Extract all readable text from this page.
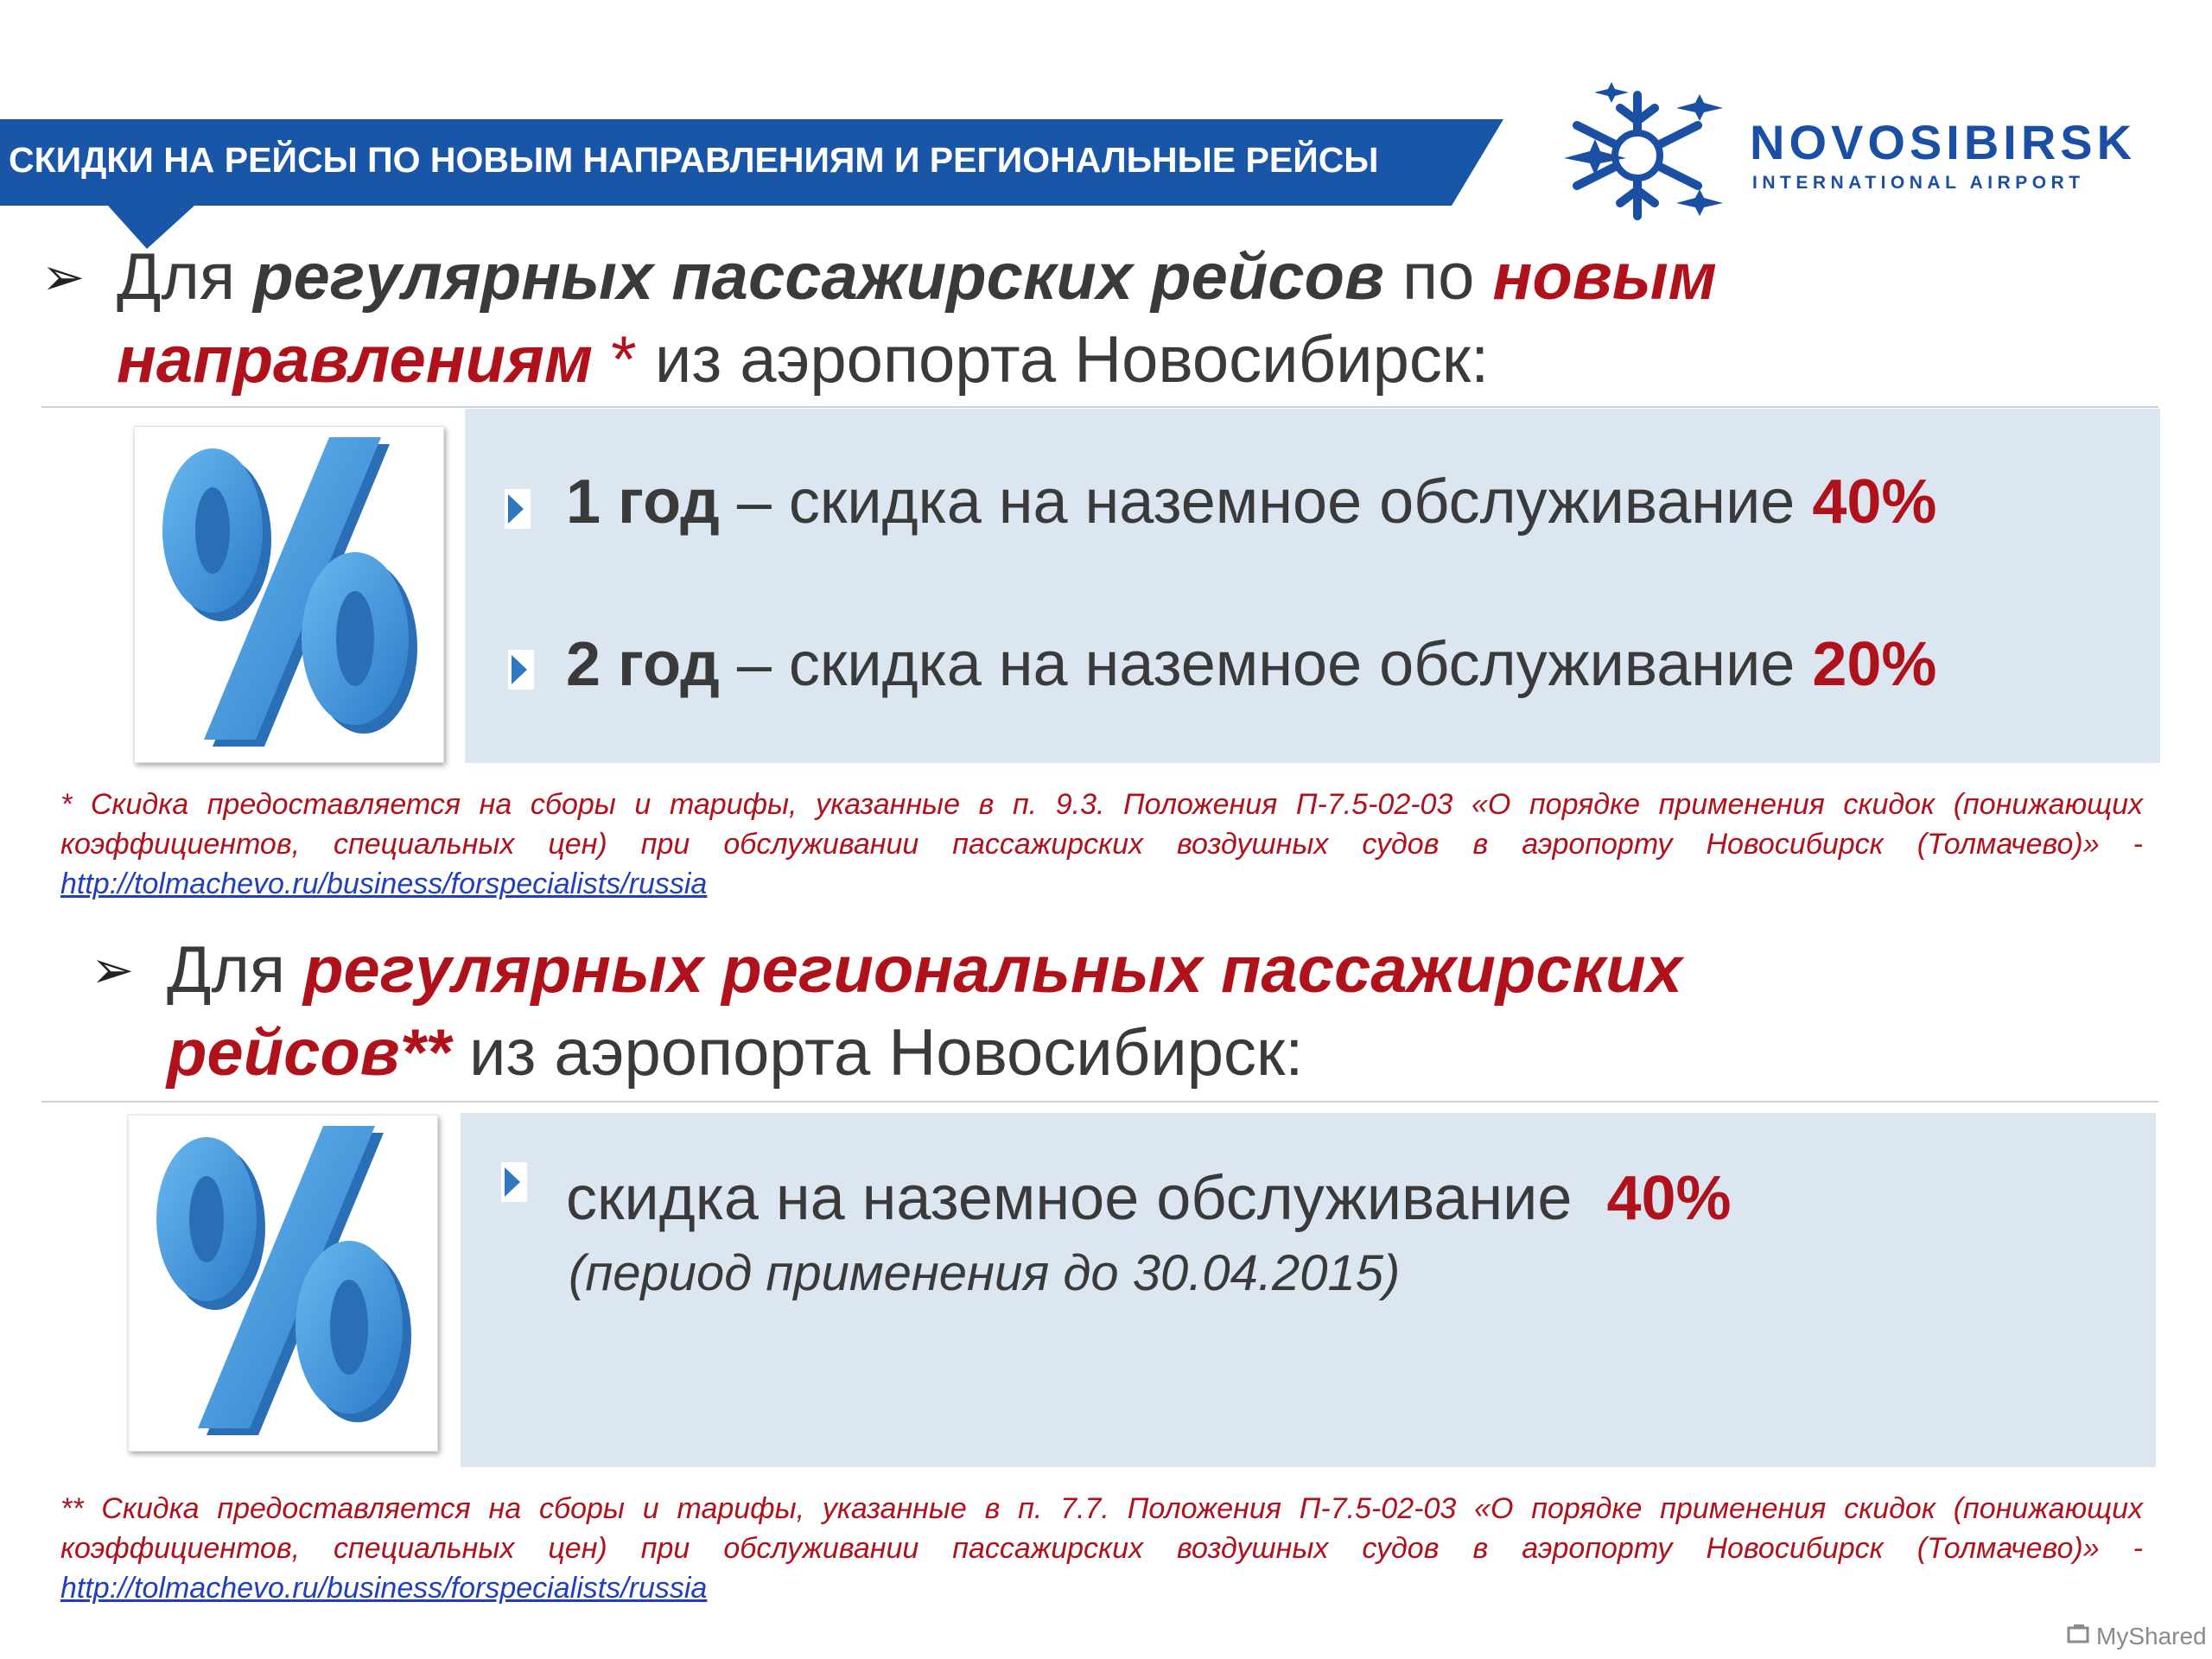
СКИДКИ НА РЕЙСЫ ПО НОВЫМ НАПРАВЛЕНИЯМ И РЕГИОНАЛЬНЫЕ РЕЙСЫ	NOVOSIBIRSK
INTERNATIONAL AIRPORT
➢ Для регулярных пассажирских рейсов по новым
направлениям * из аэропорта Новосибирск:
1 год – скидка на наземное обслуживание 40%
2 год – скидка на наземное обслуживание 20%
* Скидка предоставляется на сборы и тарифы, указанные в п. 9.3. Положения П-7.5-02-03 «О порядке применения скидок (понижающих коэффициентов, специальных цен) при обслуживании пассажирских воздушных судов в аэропорту Новосибирск (Толмачево)» - http://tolmachevo.ru/business/forspecialists/russia
➢ Для регулярных региональных пассажирских
рейсов** из аэропорта Новосибирск:
скидка на наземное обслуживание  40%
(период применения до 30.04.2015)
** Скидка предоставляется на сборы и тарифы, указанные в п. 7.7. Положения П-7.5-02-03 «О порядке применения скидок (понижающих коэффициентов, специальных цен) при обслуживании пассажирских воздушных судов в аэропорту Новосибирск (Толмачево)» - http://tolmachevo.ru/business/forspecialists/russia
MyShared
